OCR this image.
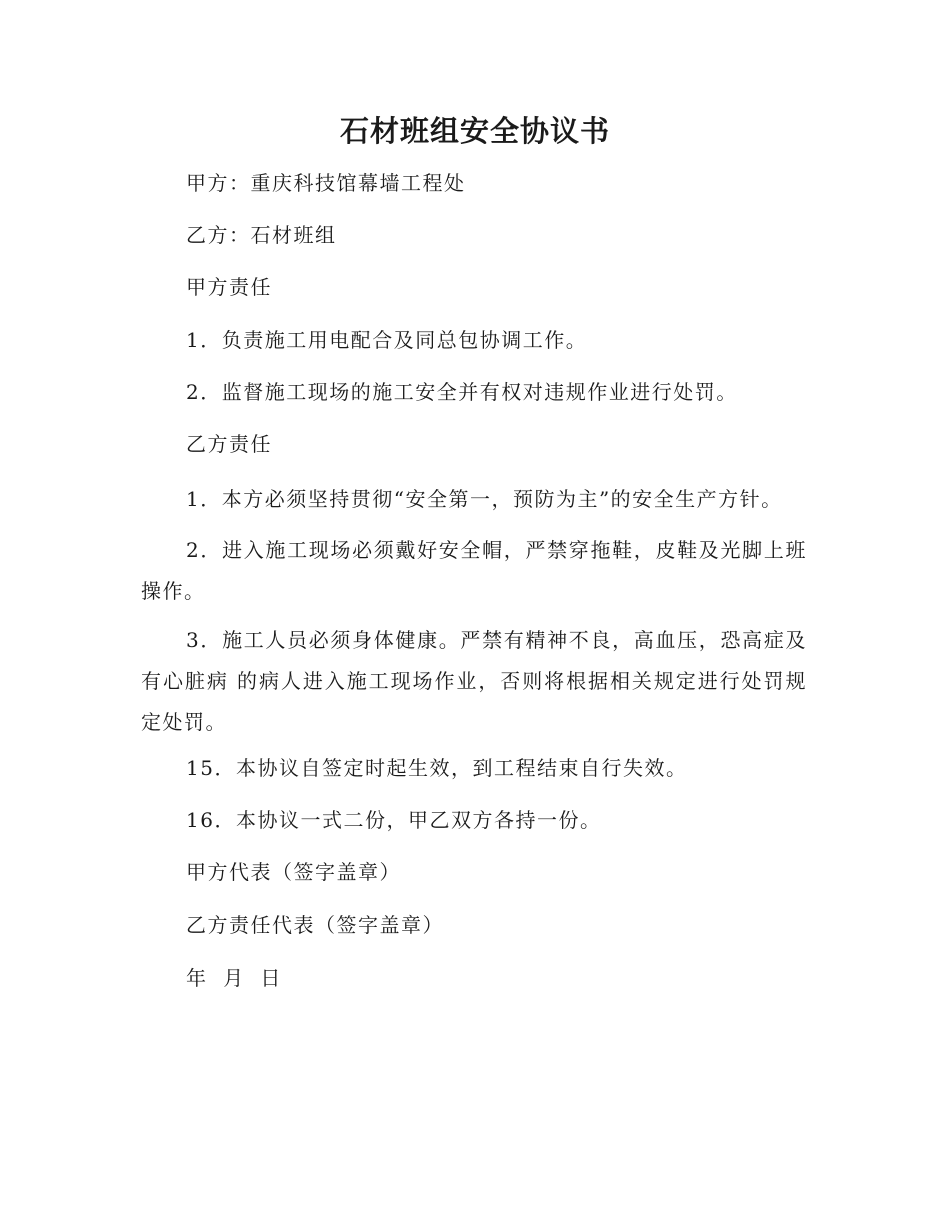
石材班组安全协议书
甲方：重庆科技馆幕墙工程处
乙方：石材班组
甲方责任
1．负责施工用电配合及同总包协调工作。
2．监督施工现场的施工安全并有权对违规作业进行处罚。
乙方责任
1．本方必须坚持贯彻“安全第一，预防为主”的安全生产方针。
2．进入施工现场必须戴好安全帽，严禁穿拖鞋，皮鞋及光脚上班操作。
3．施工人员必须身体健康。严禁有精神不良，高血压，恐高症及有心脏病 的病人进入施工现场作业，否则将根据相关规定进行处罚规定处罚。
15．本协议自签定时起生效，到工程结束自行失效。
16．本协议一式二份，甲乙双方各持一份。
甲方代表（签字盖章）
乙方责任代表（签字盖章）
年  月  日
